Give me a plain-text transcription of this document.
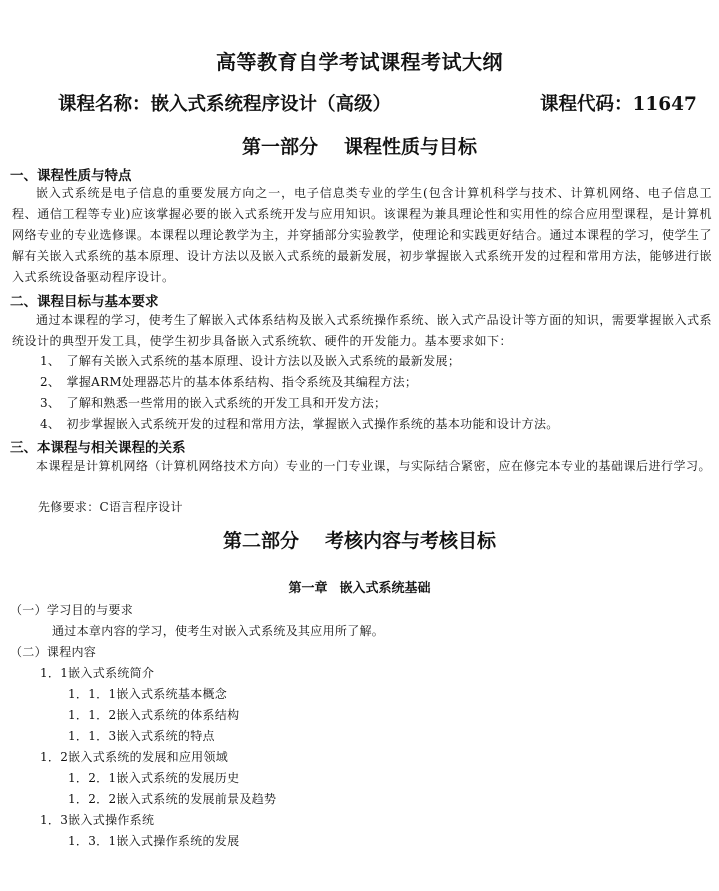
高等教育自学考试课程考试大纲
课程名称：嵌入式系统程序设计（高级）	课程代码：11647
第一部分 课程性质与目标
一、课程性质与特点
嵌入式系统是电子信息的重要发展方向之一，电子信息类专业的学生(包含计算机科学与技术、计算机网络、电子信息工程、通信工程等专业)应该掌握必要的嵌入式系统开发与应用知识。该课程为兼具理论性和实用性的综合应用型课程，是计算机网络专业的专业选修课。本课程以理论教学为主，并穿插部分实验教学，使理论和实践更好结合。通过本课程的学习，使学生了解有关嵌入式系统的基本原理、设计方法以及嵌入式系统的最新发展，初步掌握嵌入式系统开发的过程和常用方法，能够进行嵌入式系统设备驱动程序设计。
二、课程目标与基本要求
通过本课程的学习，使考生了解嵌入式体系结构及嵌入式系统操作系统、嵌入式产品设计等方面的知识，需要掌握嵌入式系统设计的典型开发工具，使学生初步具备嵌入式系统软、硬件的开发能力。基本要求如下：
1、　了解有关嵌入式系统的基本原理、设计方法以及嵌入式系统的最新发展；
2、　掌握ARM处理器芯片的基本体系结构、指令系统及其编程方法；
3、　了解和熟悉一些常用的嵌入式系统的开发工具和开发方法；
4、　初步掌握嵌入式系统开发的过程和常用方法，掌握嵌入式操作系统的基本功能和设计方法。
三、本课程与相关课程的关系
本课程是计算机网络（计算机网络技术方向）专业的一门专业课，与实际结合紧密，应在修完本专业的基础课后进行学习。
先修要求：C语言程序设计
第二部分 考核内容与考核目标
第一章 嵌入式系统基础
（一）学习目的与要求
通过本章内容的学习，使考生对嵌入式系统及其应用所了解。
（二）课程内容
1．1嵌入式系统简介
1．1．1嵌入式系统基本概念
1．1．2嵌入式系统的体系结构
1．1．3嵌入式系统的特点
1．2嵌入式系统的发展和应用领域
1．2．1嵌入式系统的发展历史
1．2．2嵌入式系统的发展前景及趋势
1．3嵌入式操作系统
1．3．1嵌入式操作系统的发展
